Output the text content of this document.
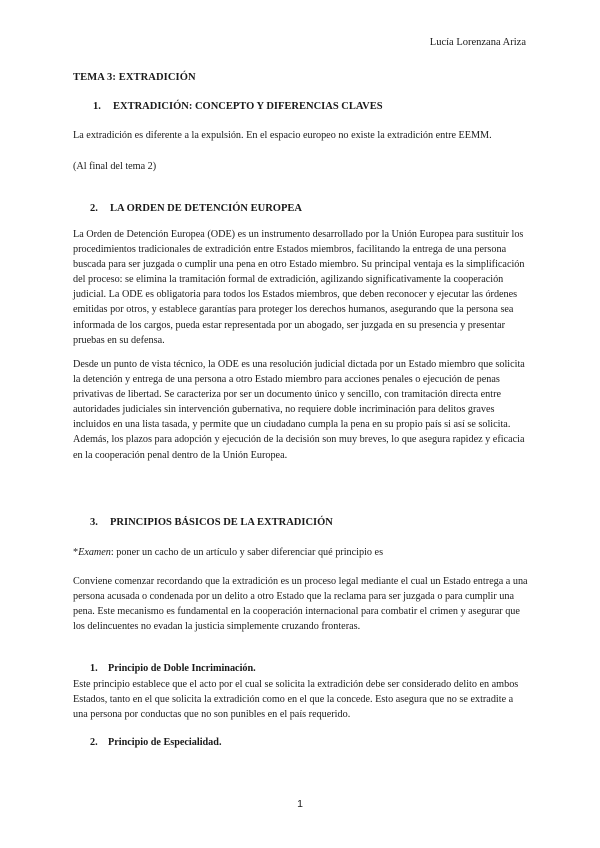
Lucía Lorenzana Ariza
TEMA 3: EXTRADICIÓN
1. EXTRADICIÓN: CONCEPTO Y DIFERENCIAS CLAVES
La extradición es diferente a la expulsión. En el espacio europeo no existe la extradición entre EEMM.
(Al final del tema 2)
2. LA ORDEN DE DETENCIÓN EUROPEA
La Orden de Detención Europea (ODE) es un instrumento desarrollado por la Unión Europea para sustituir los procedimientos tradicionales de extradición entre Estados miembros, facilitando la entrega de una persona buscada para ser juzgada o cumplir una pena en otro Estado miembro. Su principal ventaja es la simplificación del proceso: se elimina la tramitación formal de extradición, agilizando significativamente la cooperación judicial. La ODE es obligatoria para todos los Estados miembros, que deben reconocer y ejecutar las órdenes emitidas por otros, y establece garantías para proteger los derechos humanos, asegurando que la persona sea informada de los cargos, pueda estar representada por un abogado, ser juzgada en su presencia y presentar pruebas en su defensa.
Desde un punto de vista técnico, la ODE es una resolución judicial dictada por un Estado miembro que solicita la detención y entrega de una persona a otro Estado miembro para acciones penales o ejecución de penas privativas de libertad. Se caracteriza por ser un documento único y sencillo, con tramitación directa entre autoridades judiciales sin intervención gubernativa, no requiere doble incriminación para delitos graves incluidos en una lista tasada, y permite que un ciudadano cumpla la pena en su propio país si así se solicita. Además, los plazos para adopción y ejecución de la decisión son muy breves, lo que asegura rapidez y eficacia en la cooperación penal dentro de la Unión Europea.
3. PRINCIPIOS BÁSICOS DE LA EXTRADICIÓN
*Examen: poner un cacho de un artículo y saber diferenciar qué principio es
Conviene comenzar recordando que la extradición es un proceso legal mediante el cual un Estado entrega a una persona acusada o condenada por un delito a otro Estado que la reclama para ser juzgada o para cumplir una pena. Este mecanismo es fundamental en la cooperación internacional para combatir el crimen y asegurar que los delincuentes no evadan la justicia simplemente cruzando fronteras.
1. Principio de Doble Incriminación.
Este principio establece que el acto por el cual se solicita la extradición debe ser considerado delito en ambos Estados, tanto en el que solicita la extradición como en el que la concede. Esto asegura que no se extradite a una persona por conductas que no son punibles en el país requerido.
2. Principio de Especialidad.
1
